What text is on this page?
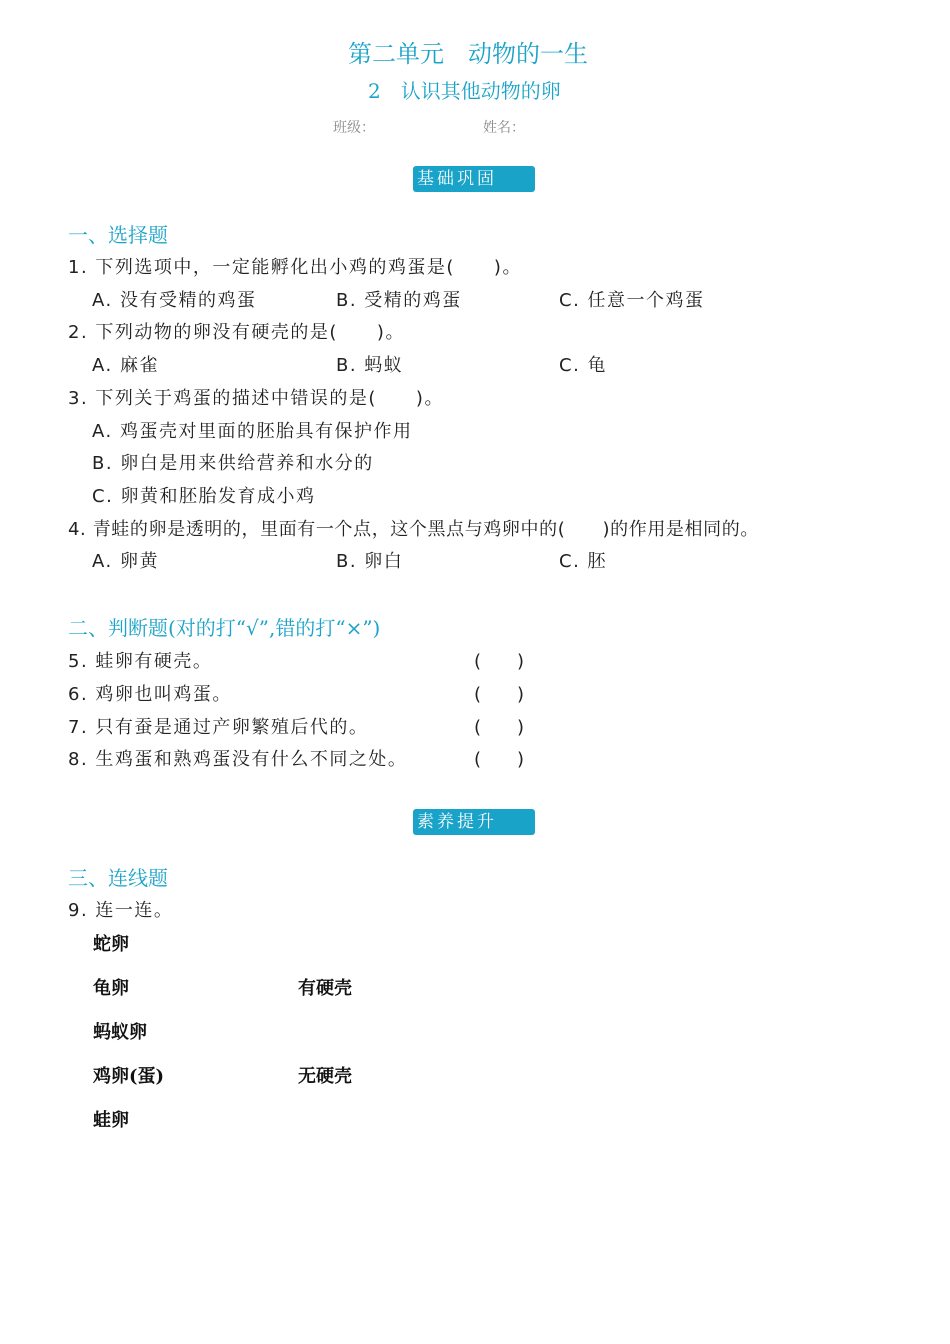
第二单元　动物的一生
2　认识其他动物的卵
班级：	姓名：
基础巩固
一、选择题
1. 下列选项中，一定能孵化出小鸡的鸡蛋是(　　)。
A. 没有受精的鸡蛋	B. 受精的鸡蛋	C. 任意一个鸡蛋
2. 下列动物的卵没有硬壳的是(　　)。
A. 麻雀	B. 蚂蚁	C. 龟
3. 下列关于鸡蛋的描述中错误的是(　　)。
A. 鸡蛋壳对里面的胚胎具有保护作用
B. 卵白是用来供给营养和水分的
C. 卵黄和胚胎发育成小鸡
4. 青蛙的卵是透明的，里面有一个点，这个黑点与鸡卵中的(　　)的作用是相同的。
A. 卵黄	B. 卵白	C. 胚
二、判断题(对的打“√”,错的打“×”)
5. 蛙卵有硬壳。	(　　)
6. 鸡卵也叫鸡蛋。	(　　)
7. 只有蚕是通过产卵繁殖后代的。	(　　)
8. 生鸡蛋和熟鸡蛋没有什么不同之处。	(　　)
素养提升
三、连线题
9. 连一连。
蛇卵
龟卵
蚂蚁卵
鸡卵(蛋)
蛙卵
有硬壳
无硬壳
